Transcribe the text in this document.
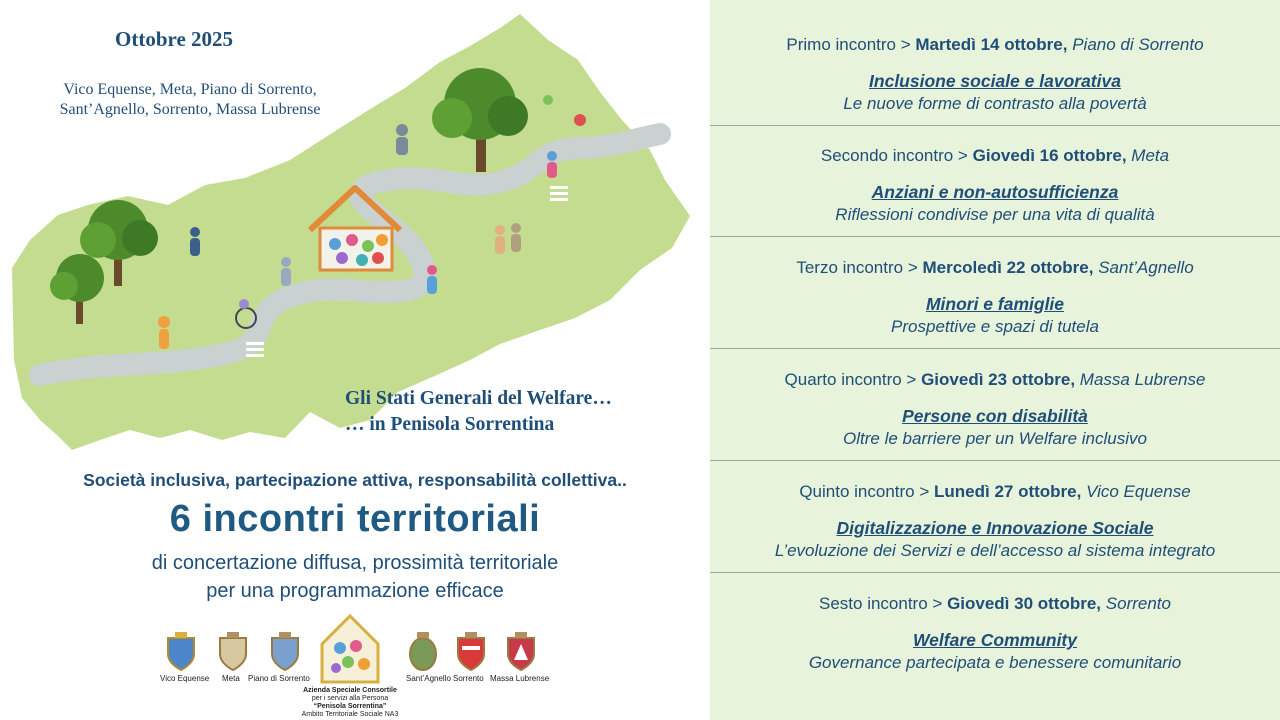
Ottobre 2025
Vico Equense, Meta, Piano di Sorrento,
Sant’Agnello, Sorrento, Massa Lubrense
Gli Stati Generali del Welfare…
… in Penisola Sorrentina
Società inclusiva, partecipazione attiva, responsabilità collettiva..
6 incontri territoriali
di concertazione diffusa, prossimità territoriale
per una programmazione efficace
Vico Equense Meta Piano di Sorrento	Sant’Agnello Sorrento Massa Lubrense
Azienda Speciale Consortile
per i servizi alla Persona
“Penisola Sorrentina”
Ambito Territoriale Sociale NA3

Primo incontro > Martedì 14 ottobre, Piano di Sorrento

Inclusione sociale e lavorativa
Le nuove forme di contrasto alla povertà

Secondo incontro > Giovedì 16 ottobre, Meta

Anziani e non-autosufficienza
Riflessioni condivise per una vita di qualità

Terzo incontro > Mercoledì 22 ottobre, Sant’Agnello

Minori e famiglie
Prospettive e spazi di tutela

Quarto incontro > Giovedì 23 ottobre, Massa Lubrense

Persone con disabilità
Oltre le barriere per un Welfare inclusivo

Quinto incontro > Lunedì 27 ottobre, Vico Equense

Digitalizzazione e Innovazione Sociale
L’evoluzione dei Servizi e dell’accesso al sistema integrato

Sesto incontro > Giovedì 30 ottobre, Sorrento

Welfare Community
Governance partecipata e benessere comunitario
